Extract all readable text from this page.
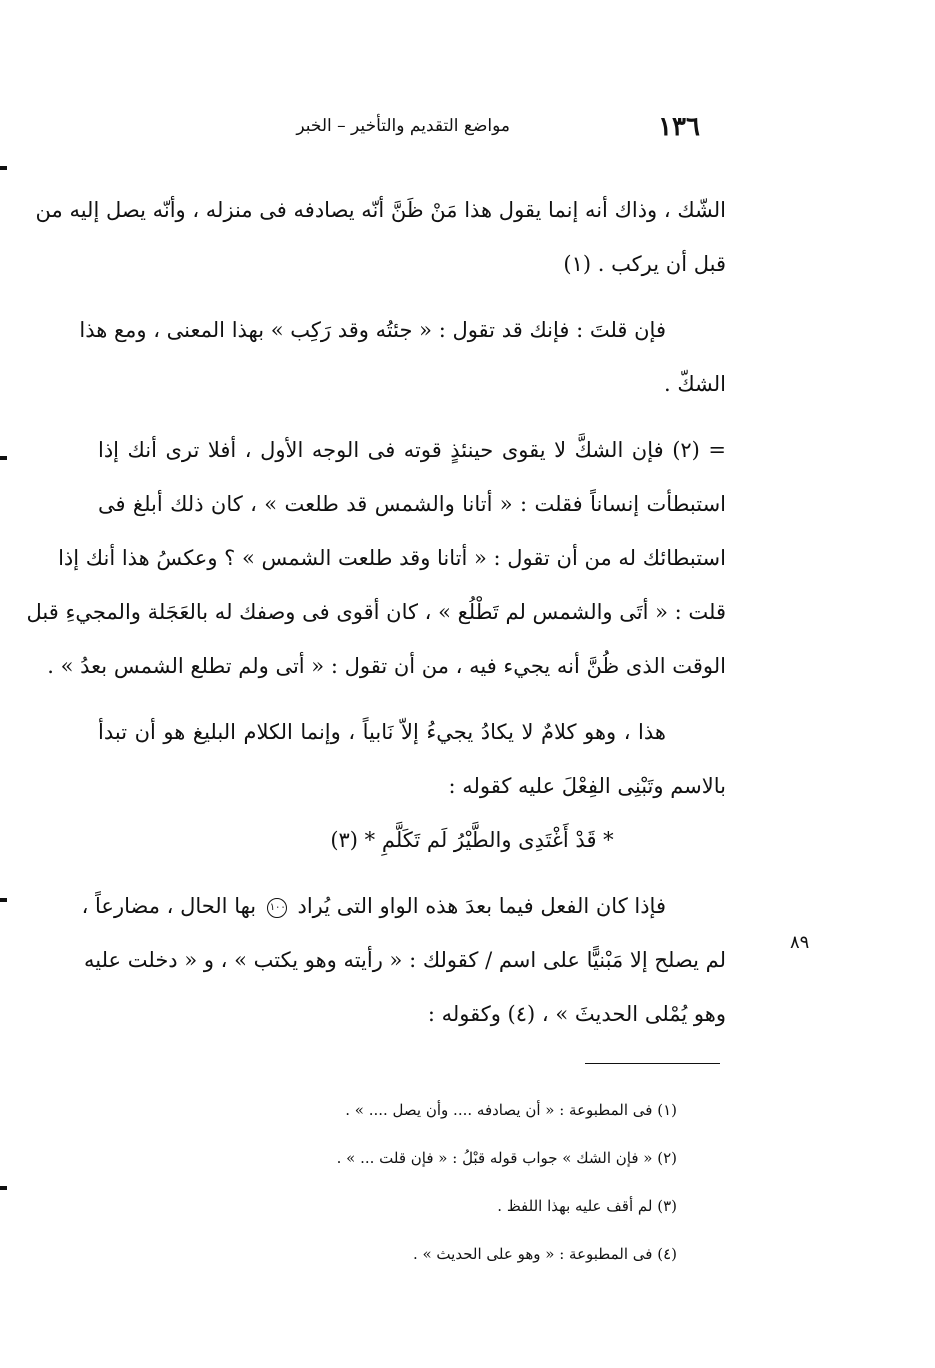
١٣٦
مواضع التقديم والتأخير – الخبر
الشّك ، وذاك أنه إنما يقول هذا مَنْ ظَنَّ أنّه يصادفه فى منزله ، وأنّه يصل إليه من
قبل أن يركب . (١)
فإن قلتَ : فإنك قد تقول : « جئتُه وقد رَكِب » بهذا المعنى ، ومع هذا
الشكّ .
= (٢) فإن الشكَّ لا يقوى حينئذٍ قوته فى الوجه الأول ، أفلا ترى أنك إذا
استبطأت إنساناً فقلت : « أتانا والشمس قد طلعت » ، كان ذلك أبلغ فى
استبطائك له من أن تقول : « أتانا وقد طلعت الشمس » ؟ وعكسُ هذا أنك إذا
قلت : « أتَى والشمس لم تَطْلُع » ، كان أقوى فى وصفك له بالعَجَلة والمجيءِ قبل
الوقت الذى ظُنَّ أنه يجيء فيه ، من أن تقول : « أتى ولم تطلع الشمس بعدُ » .
هذا ، وهو كلامٌ لا يكادُ يجيءُ إلاّ نَابياً ، وإنما الكلام البليغ هو أن تبدأ
بالاسم وتَبْنِى الفِعْلَ عليه كقوله :
* قَدْ أَغْتَدِى والطَّيْرُ لَم تَكَلَّمِ * (٣)
فإذا كان الفعل فيما بعدَ هذه الواو التى يُراد ١٠٠ بها الحال ، مضارعاً ،
لم يصلح إلا مَبْنيًّا على اسم / كقولك : « رأيته وهو يكتب » ، و « دخلت عليه
وهو يُمْلى الحديثَ » ، (٤) وكقوله :
٨٩
(١) فى المطبوعة : « أن يصادفه .... وأن يصل .... » .
(٢) « فإن الشك » جواب قوله قبْلُ : « فإن قلت ... » .
(٣) لم أقف عليه بهذا اللفظ .
(٤) فى المطبوعة : « وهو على الحديث » .
